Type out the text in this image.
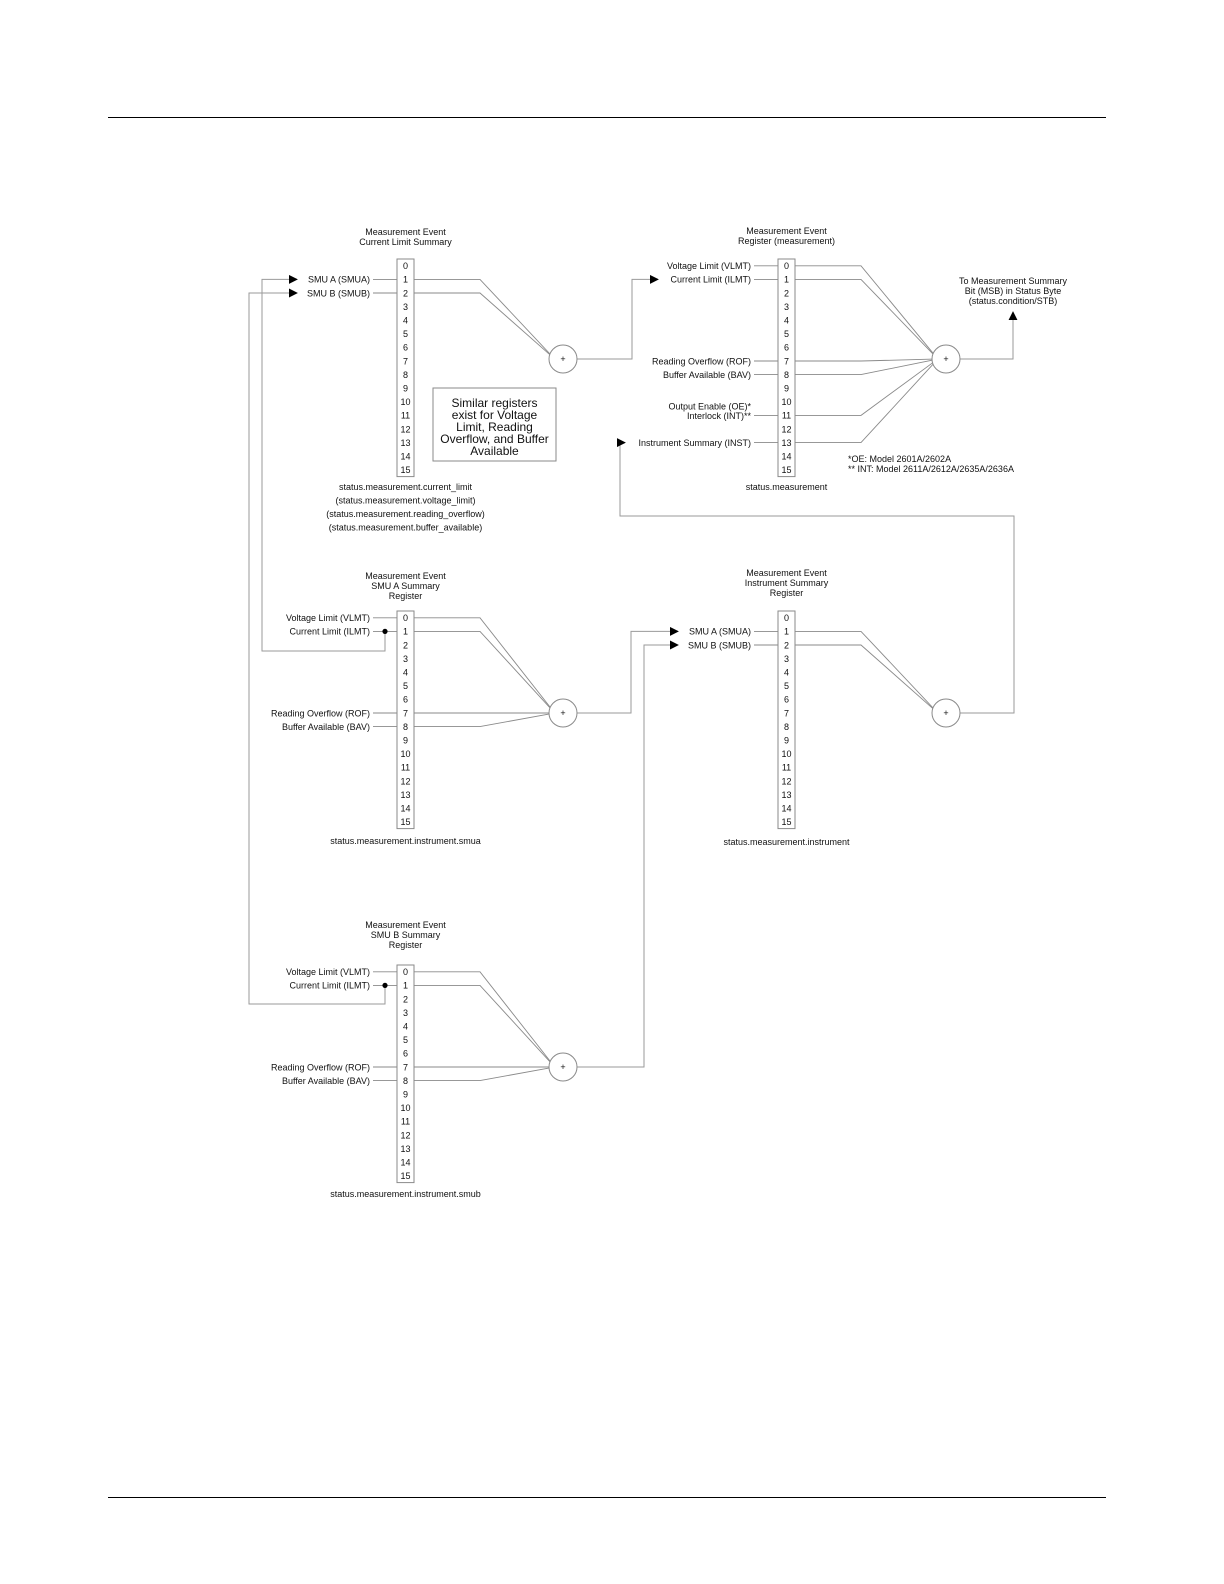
0
1
2
3
4
5
6
7
8
9
10
11
12
13
14
15
Measurement Event
Current Limit Summary
status.measurement.current_limit
(status.measurement.voltage_limit)
(status.measurement.reading_overflow)
(status.measurement.buffer_available)
+
SMU A (SMUA)
SMU B (SMUB)
0
1
2
3
4
5
6
7
8
9
10
11
12
13
14
15
Measurement Event
Register (measurement)
status.measurement
+
Voltage Limit (VLMT)
Current Limit (ILMT)
Reading Overflow (ROF)
Buffer Available (BAV)
Output Enable (OE)*
Interlock (INT)**
Instrument Summary (INST)
0
1
2
3
4
5
6
7
8
9
10
11
12
13
14
15
Measurement Event
SMU A Summary
Register
status.measurement.instrument.smua
+
Voltage Limit (VLMT)
Current Limit (ILMT)
Reading Overflow (ROF)
Buffer Available (BAV)
0
1
2
3
4
5
6
7
8
9
10
11
12
13
14
15
Measurement Event
Instrument Summary
Register
status.measurement.instrument
+
SMU A (SMUA)
SMU B (SMUB)
0
1
2
3
4
5
6
7
8
9
10
11
12
13
14
15
Measurement Event
SMU B Summary
Register
status.measurement.instrument.smub
+
Voltage Limit (VLMT)
Current Limit (ILMT)
Reading Overflow (ROF)
Buffer Available (BAV)
Similar registers
exist for Voltage
Limit, Reading
Overflow, and Buffer
Available
*OE: Model 2601A/2602A
** INT: Model 2611A/2612A/2635A/2636A
To Measurement Summary
Bit (MSB) in Status Byte
(status.condition/STB)
